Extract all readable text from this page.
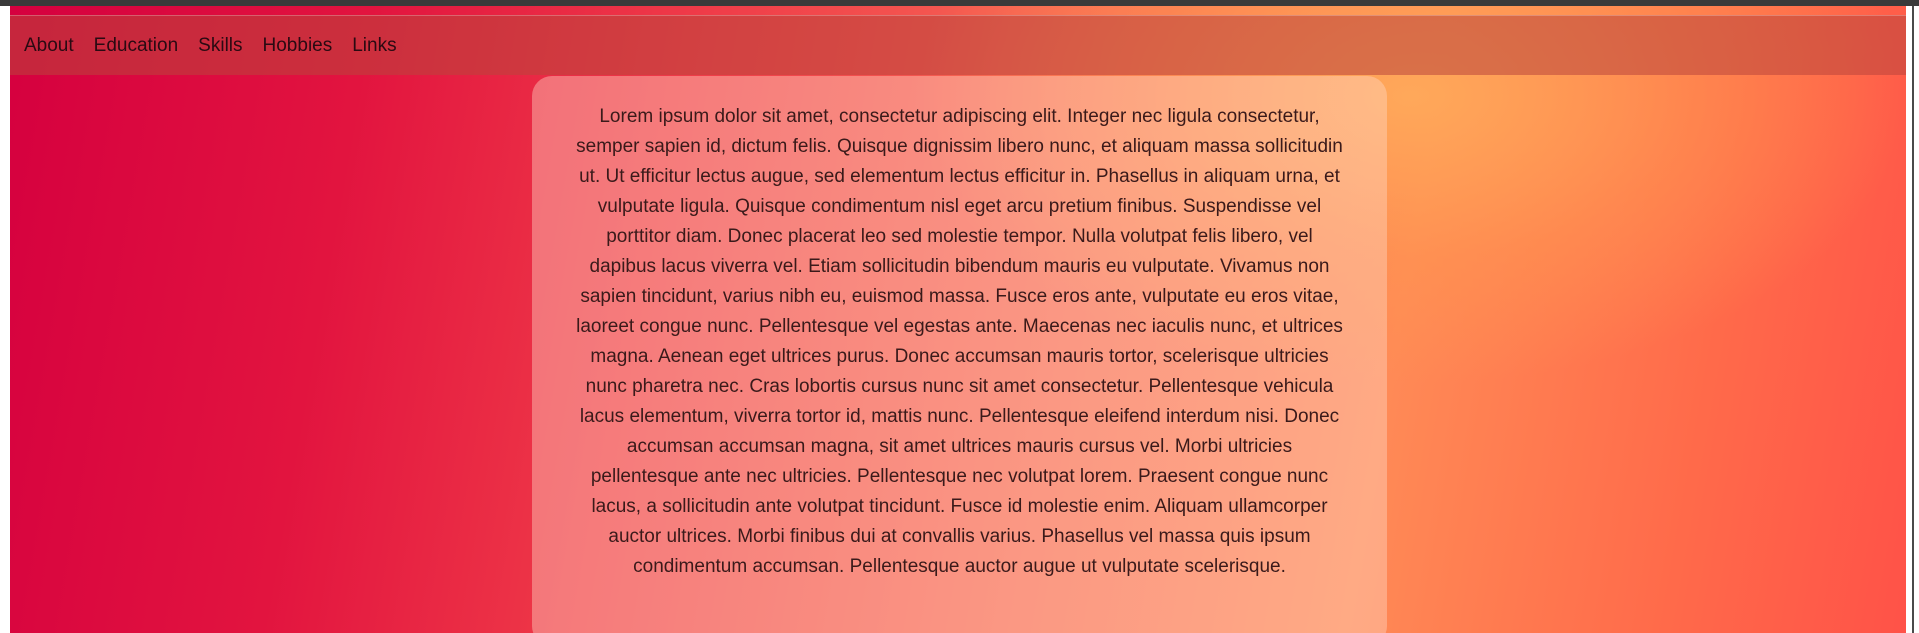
About Education Skills Hobbies Links

Lorem ipsum dolor sit amet, consectetur adipiscing elit. Integer nec ligula consectetur, semper sapien id, dictum felis. Quisque dignissim libero nunc, et aliquam massa sollicitudin ut. Ut efficitur lectus augue, sed elementum lectus efficitur in. Phasellus in aliquam urna, et vulputate ligula. Quisque condimentum nisl eget arcu pretium finibus. Suspendisse vel porttitor diam. Donec placerat leo sed molestie tempor. Nulla volutpat felis libero, vel dapibus lacus viverra vel. Etiam sollicitudin bibendum mauris eu vulputate. Vivamus non sapien tincidunt, varius nibh eu, euismod massa. Fusce eros ante, vulputate eu eros vitae, laoreet congue nunc. Pellentesque vel egestas ante. Maecenas nec iaculis nunc, et ultrices magna. Aenean eget ultrices purus. Donec accumsan mauris tortor, scelerisque ultricies nunc pharetra nec. Cras lobortis cursus nunc sit amet consectetur. Pellentesque vehicula lacus elementum, viverra tortor id, mattis nunc. Pellentesque eleifend interdum nisi. Donec accumsan accumsan magna, sit amet ultrices mauris cursus vel. Morbi ultricies pellentesque ante nec ultricies. Pellentesque nec volutpat lorem. Praesent congue nunc lacus, a sollicitudin ante volutpat tincidunt. Fusce id molestie enim. Aliquam ullamcorper auctor ultrices. Morbi finibus dui at convallis varius. Phasellus vel massa quis ipsum condimentum accumsan. Pellentesque auctor augue ut vulputate scelerisque.
